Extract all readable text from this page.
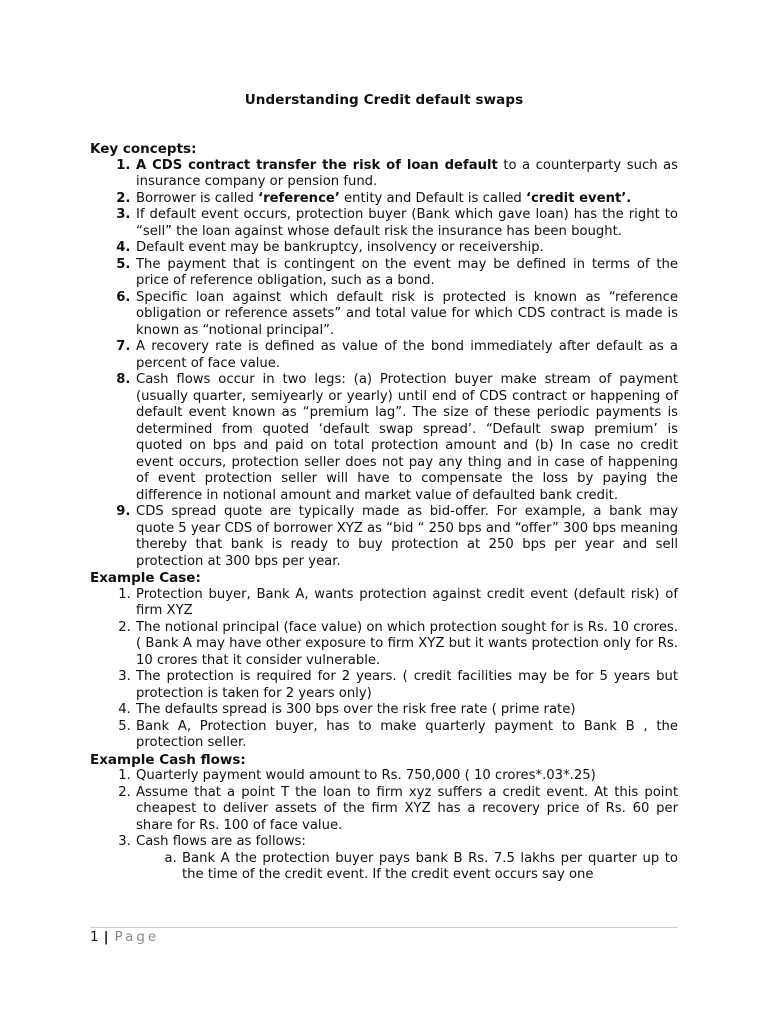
Understanding Credit default swaps
Key concepts:
1. A CDS contract transfer the risk of loan default to a counterparty such as insurance company or pension fund.
2. Borrower is called ‘reference’ entity and Default is called ‘credit event’.
3. If default event occurs, protection buyer (Bank which gave loan) has the right to “sell” the loan against whose default risk the insurance has been bought.
4. Default event may be bankruptcy, insolvency or receivership.
5. The payment that is contingent on the event may be defined in terms of the price of reference obligation, such as a bond.
6. Specific loan against which default risk is protected is known as “reference obligation or reference assets” and total value for which CDS contract is made is known as “notional principal”.
7. A recovery rate is defined as value of the bond immediately after default as a percent of face value.
8. Cash flows occur in two legs: (a) Protection buyer make stream of payment (usually quarter, semiyearly or yearly) until end of CDS contract or happening of default event known as “premium lag”. The size of these periodic payments is determined from quoted ‘default swap spread’. “Default swap premium’ is quoted on bps and paid on total protection amount and (b) In case no credit event occurs, protection seller does not pay any thing and in case of happening of event protection seller will have to compensate the loss by paying the difference in notional amount and market value of defaulted bank credit.
9. CDS spread quote are typically made as bid-offer. For example, a bank may quote 5 year CDS of borrower XYZ as “bid “ 250 bps and “offer” 300 bps meaning thereby that bank is ready to buy protection at 250 bps per year and sell protection at 300 bps per year.
Example Case:
1. Protection buyer, Bank A, wants protection against credit event (default risk) of firm XYZ
2. The notional principal (face value) on which protection sought for is Rs. 10 crores. ( Bank A may have other exposure to firm XYZ but it wants protection only for Rs. 10 crores that it consider vulnerable.
3. The protection is required for 2 years. ( credit facilities may be for 5 years but protection is taken for 2 years only)
4. The defaults spread is 300 bps over the risk free rate ( prime rate)
5. Bank A, Protection buyer, has to make quarterly payment to Bank B , the protection seller.
Example Cash flows:
1. Quarterly payment would amount to Rs. 750,000 ( 10 crores*.03*.25)
2. Assume that a point T the loan to firm xyz suffers a credit event. At this point cheapest to deliver assets of the firm XYZ has a recovery price of Rs. 60 per share for Rs. 100 of face value.
3. Cash flows are as follows:
a. Bank A the protection buyer pays bank B Rs. 7.5 lakhs per quarter up to the time of the credit event. If the credit event occurs say one
1 | Page
